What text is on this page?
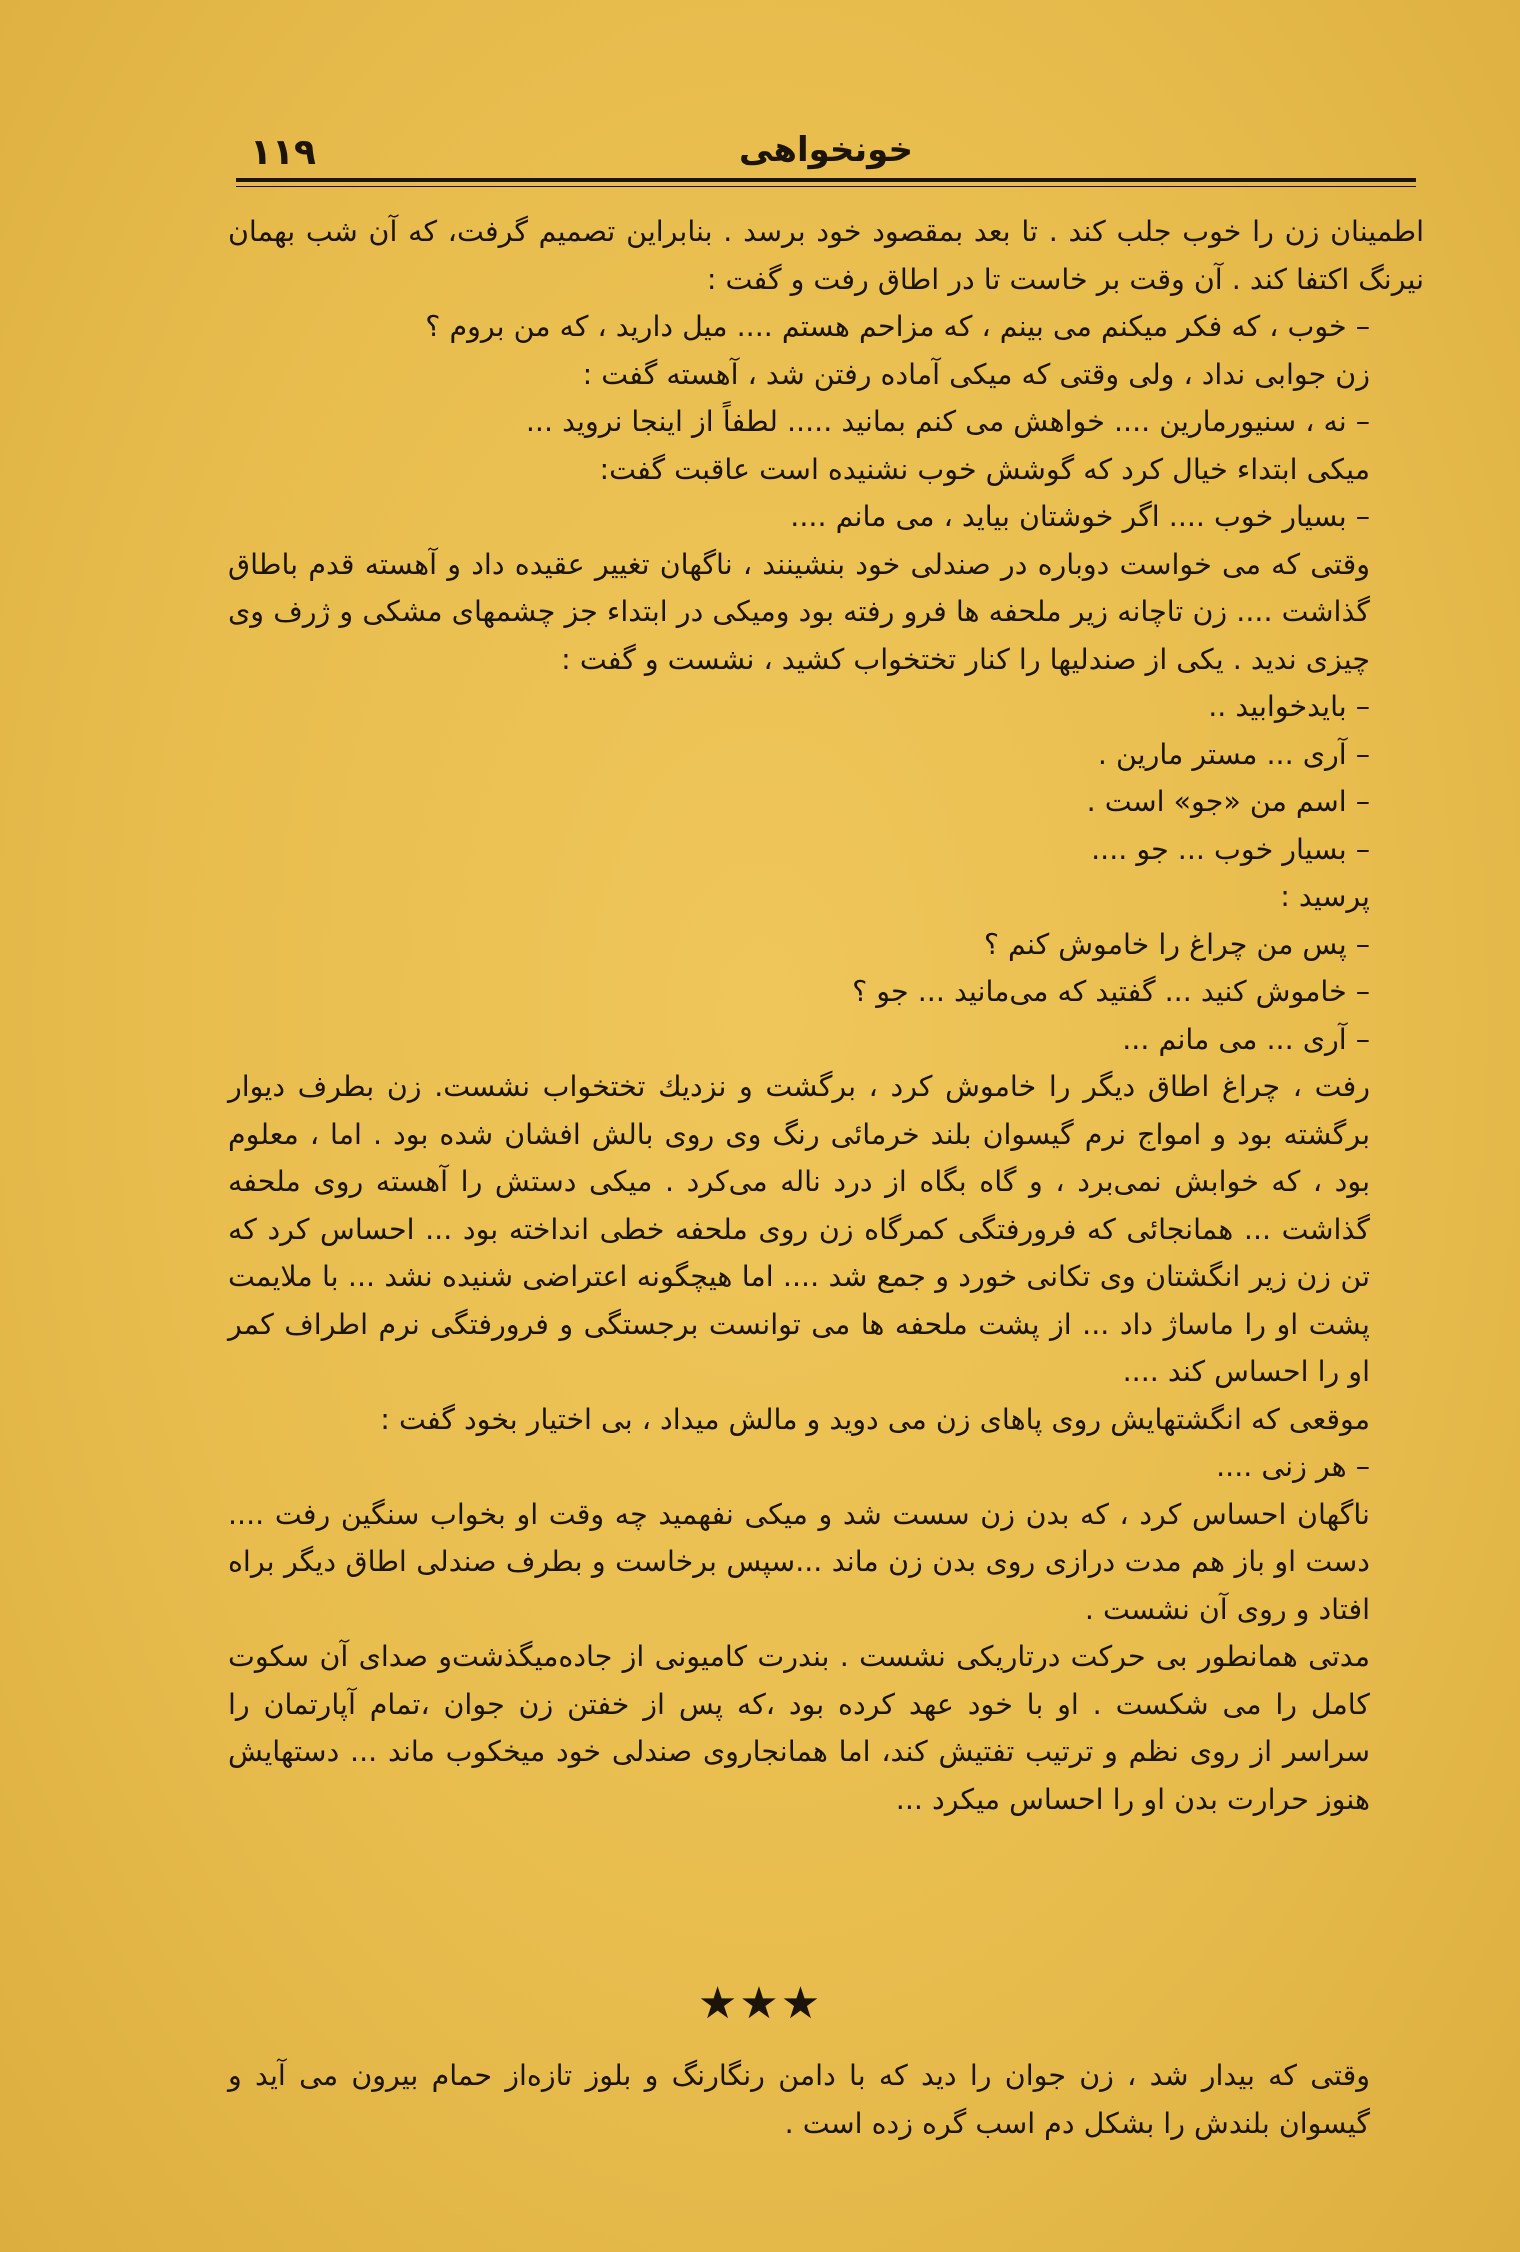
۱۱۹	خونخواهی

اطمینان زن را خوب جلب کند . تا بعد بمقصود خود برسد . بنابراین تصمیم گرفت، که آن شب بهمان نیرنگ اکتفا کند . آن وقت بر خاست تا در اطاق رفت و گفت :

– خوب ، که فکر میکنم می بینم ، که مزاحم هستم .... میل دارید ، که من بروم ؟

زن جوابی نداد ، ولی وقتی که میکی آماده رفتن شد ، آهسته گفت :

– نه ، سنیورمارین .... خواهش می کنم بمانید ..... لطفاً از اینجا نروید ...

میکی ابتداء خیال کرد که گوشش خوب نشنیده است عاقبت گفت:

– بسیار خوب .... اگر خوشتان بیاید ، می مانم ....

وقتی که می خواست دوباره در صندلی خود بنشینند ، ناگهان تغییر عقیده داد و آهسته قدم باطاق گذاشت .... زن تاچانه زیر ملحفه ها فرو رفته بود ومیکی در ابتداء جز چشمهای مشکی و ژرف وی چیزی ندید . یکی از صندلیها را کنار تختخواب کشید ، نشست و گفت :

– بایدخوابید ..

– آری ... مستر مارین .

– اسم من «جو» است .

– بسیار خوب ... جو ....

پرسید :

– پس من چراغ را خاموش کنم ؟

– خاموش کنید ... گفتید که می‌مانید ... جو ؟

– آری ... می مانم ...

رفت ، چراغ اطاق دیگر را خاموش کرد ، برگشت و نزدیك تختخواب نشست. زن بطرف دیوار برگشته بود و امواج نرم گیسوان بلند خرمائی رنگ وی روی بالش افشان شده بود . اما ، معلوم بود ، که خوابش نمی‌برد ، و گاه بگاه از درد ناله می‌کرد . میکی دستش را آهسته روی ملحفه گذاشت ... همانجائی که فرورفتگی کمرگاه زن روی ملحفه خطی انداخته بود ... احساس کرد که تن زن زیر انگشتان وی تکانی خورد و جمع شد .... اما هیچگونه اعتراضی شنیده نشد ... با ملایمت پشت او را ماساژ داد ... از پشت ملحفه ها می توانست برجستگی و فرورفتگی نرم اطراف کمر او را احساس کند ....

موقعی که انگشتهایش روی پاهای زن می دوید و مالش میداد ، بی اختیار بخود گفت :

– هر زنی ....

ناگهان احساس کرد ، که بدن زن سست شد و میکی نفهمید چه وقت او بخواب سنگین رفت .... دست او باز هم مدت درازی روی بدن زن ماند ...سپس برخاست و بطرف صندلی اطاق دیگر براه افتاد و روی آن نشست .

مدتی همانطور بی حرکت درتاریکی نشست . بندرت کامیونی از جاده‌میگذشت‌و صدای آن سکوت کامل را می شکست . او با خود عهد کرده بود ،که پس از خفتن زن جوان ،تمام آپارتمان را سراسر از روی نظم و ترتیب تفتیش کند، اما همانجاروی صندلی خود میخکوب ماند ... دستهایش هنوز حرارت بدن او را احساس میکرد ...

★★★

وقتی که بیدار شد ، زن جوان را دید که با دامن رنگارنگ و بلوز تازه‌از حمام بیرون می آید و گیسوان بلندش را بشکل دم اسب گره زده است .
